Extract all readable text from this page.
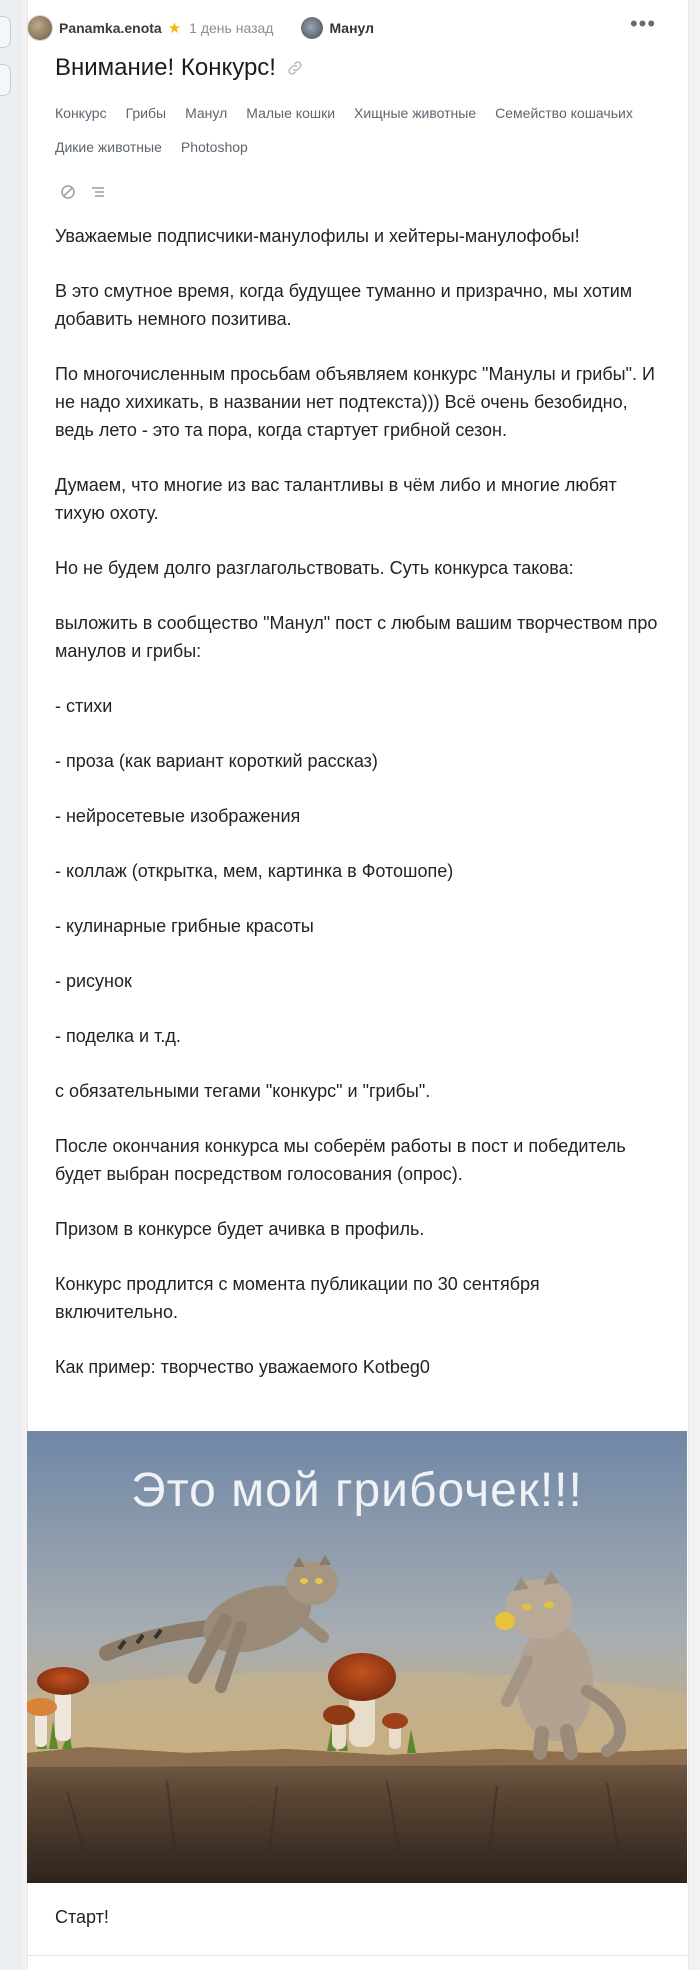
Panamka.enota ★ 1 день назад	Манул	•••
Внимание! Конкурс!
Конкурс Грибы Манул Малые кошки Хищные животные Семейство кошачьих
Дикие животные Photoshop

Уважаемые подписчики-манулофилы и хейтеры-манулофобы!

В это смутное время, когда будущее туманно и призрачно, мы хотим добавить немного позитива.

По многочисленным просьбам объявляем конкурс "Манулы и грибы". И не надо хихикать, в названии нет подтекста))) Всё очень безобидно, ведь лето - это та пора, когда стартует грибной сезон.

Думаем, что многие из вас талантливы в чём либо и многие любят тихую охоту.

Но не будем долго разглагольствовать. Суть конкурса такова:

выложить в сообщество "Манул" пост с любым вашим творчеством про манулов и грибы:

- стихи

- проза (как вариант короткий рассказ)

- нейросетевые изображения

- коллаж (открытка, мем, картинка в Фотошопе)

- кулинарные грибные красоты

- рисунок

- поделка и т.д.

с обязательными тегами "конкурс" и "грибы".

После окончания конкурса мы соберём работы в пост и победитель будет выбран посредством голосования (опрос).

Призом в конкурсе будет ачивка в профиль.

Конкурс продлится с момента публикации по 30 сентября включительно.

Как пример: творчество уважаемого Kotbeg0

Это мой грибочек!!!
Старт!
